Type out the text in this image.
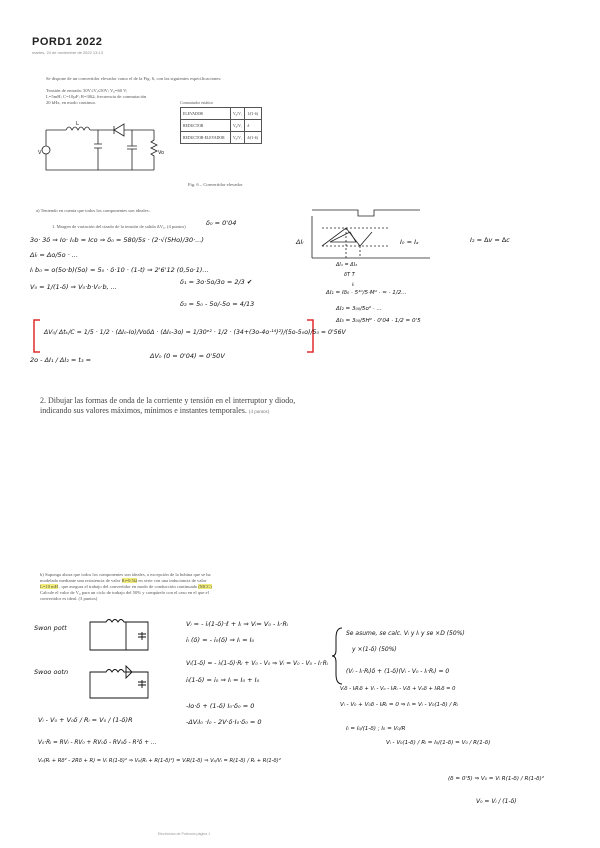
PORD1 2022
martes, 24 de noviembre de 2022 13:13
Se dispone de un convertidor elevador como el de la Fig. 6, con las siguientes especificaciones:
Tensión de entrada: 30V≤Vᵢ≤50V; V₀=60 V;
L=5mH; C=10µF; R=30Ω, frecuencia de conmutación
20 kHz, en modo continuo.	Conmutador estático
ELEVADOR	V₀/Vᵢ	1/(1-δ)
REDUCTOR	V₀/Vᵢ	δ
REDUCTOR-ELEVADOR	V₀/Vᵢ	δ/(1-δ)
V
L
Vo
Fig. 6 – Convertidor elevador
a) Teniendo en cuenta que todos los componentes son ideales:
1. Margen de variación del rizado de la tensión de salida ΔV₀. (4 puntos)	δ₀ = 0'04
3o· 3δ ⇒ Io· I₀b ≈ Ico ⇒ δ₀ = 580/5s · (2·√(5Ho)/30·...)
Δiₗ = Δo/5o · ...
Iₗ b₀ = o(5o·b)(5o) = 5₀ · δ·10 · (1-t) ⇒ 2'6'12 (0,5o·1)...
V₀ = 1/(1-δ) ⇒ V₀·b·V₀·b, ...
δ₁ = 3o·5o/3o = 2/3 ✔
δ₂ = 5₀ - 5o/-5o = 4/13
ΔV₀/ Δtₖ/C = 1/5 · 1/2 · (ΔI₀-Io)/VoδΔ · (ΔI₀-3o) = 1/30ᵉ² · 1/2 · (34+(3o-4o·¹⁴)²)/(5o-5₀o)/5₀ = 0'56V
2o - ΔI₁ / ΔI₂ = t₃ =	ΔV₀ (0 = 0'04) = 0'50V
ΔIₗ	I₀ = Iₐ
ΔI₁ = ΔI₂
δT T
iₗ
I₂ = ∆v = ∆c
ΔI₁ = Iδ₀ · 5¹⁰/5·M¹ · ≈ · 1/2...
ΔI₂ = 3₀₀/5o⁰ · ...
ΔI₃ = 3₀₀/5H⁰ · 0'04 · 1/2 = 0'5
2. Dibujar las formas de onda de la corriente y tensión en el interruptor y diodo, indicando sus valores máximos, mínimos e instantes temporales. (4 puntos)
b) Suponga ahora que todos los componentes son ideales, a excepción de la bobina que se ha
modelado mediante una resistencia de valor Rₗ=0.5Ω en serie con una inductancia de valor
L=10 mH , que asegura el trabajo del convertidor en modo de conducción continuado (MCC)
Calcule el valor de V₀ para un ciclo de trabajo del 50% y compárelo con el caso en el que el
convertidor es ideal. (3 puntos)
Swon pott
Swoo ootn
Vₗ = - iₗ(1-δ)·ℓ + Iₗ ⇒ Vₗ= V₀ - Iₗ·Rₗ
iₗ (δ) = - i₀(δ) ⇒ Iₗ = I₀
Vₗ(1-δ) = - iₗ(1-δ)·Rₗ + V₀ - V₀ ⇒ Vₗ = V₀ - V₀ - Iₗ·Rₗ
iₗ(1-δ) = i₀ ⇒ Iₗ = I₀ + I₀
-Io·δ + (1-δ) I₀·δ₀ = 0
-ΔVₗI₀ ·I₀ - 2V·δ·I₀·δ₀ = 0
Se asume, se calc. Vₗ y Iₗ y se ×D (50%)
y ×(1-δ) (50%)
(Vₗ - Iₗ·Rₗ)δ + (1-δ)(Vₗ - V₀ - Iₗ·Rₗ) = 0
Vₗδ - IₗRₗδ + Vₗ - V₀ - IₗRₗ - Vₗδ + V₀δ + IₗRₗδ = 0
Vₗ - V₀ + V₀δ - IₗRₗ = 0 ⇒ Iₗ = Vₗ - V₀(1-δ) / Rₗ
Iₗ = I₀/(1-δ) ; I₀ = V₀/R
Vₗ - V₀(1-δ) / Rₗ = I₀/(1-δ) = V₀ / R(1-δ)
Vₗ - V₀ + V₀δ / Rₗ = V₀ / (1-δ)R
V₀·Rₗ = RVₗ - RV₀ + RV₀δ - RV₀δ - R²δ + ...
V₀(Rₗ + Rδ² - 2Rδ + R) = Vₗ R(1-δ)² ⇒ V₀(Rₗ + R(1-δ)²) = VₗR(1-δ) ⇒ V₀/Vₗ = R(1-δ) / Rₗ + R(1-δ)²
(δ = 0'5) ⇒ V₀ = Vₗ R(1-δ) / R(1-δ)²
V₀ = Vₗ / (1-δ)
Electrónica de Potencia página 1
